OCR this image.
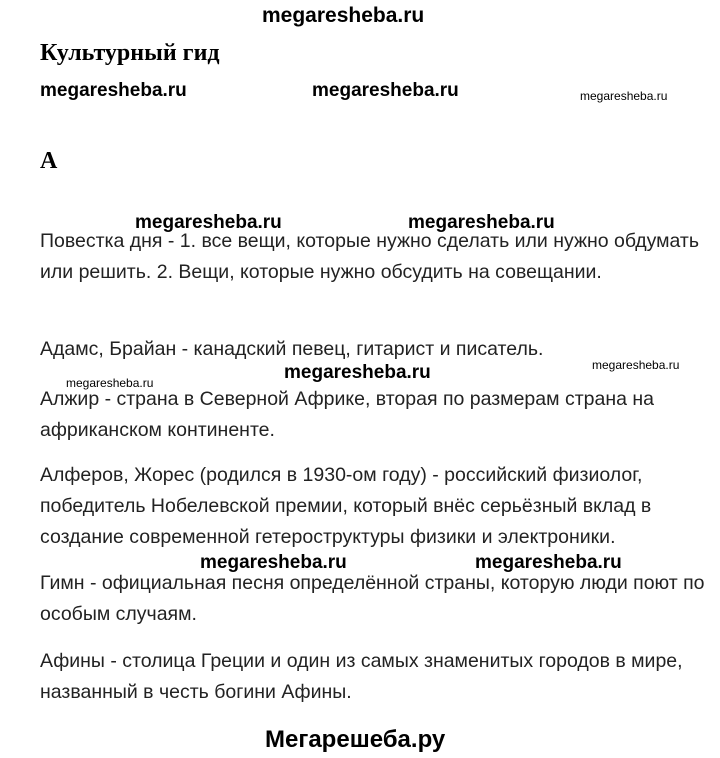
megaresheba.ru
Культурный гид
megaresheba.ru	megaresheba.ru	megaresheba.ru
A
megaresheba.ru	megaresheba.ru
Повестка дня - 1. все вещи, которые нужно сделать или нужно обдумать или решить. 2. Вещи, которые нужно обсудить на совещании.
Адамс, Брайан - канадский певец, гитарист и писатель.
megaresheba.ru	megaresheba.ru	megaresheba.ru
Алжир - страна в Северной Африке, вторая по размерам страна на африканском континенте.
Алферов, Жорес (родился в 1930-ом году) - российский физиолог, победитель Нобелевской премии, который внёс серьёзный вклад в создание современной гетероструктуры физики и электроники.
megaresheba.ru	megaresheba.ru
Гимн - официальная песня определённой страны, которую люди поют по особым случаям.
Афины - столица Греции и один из самых знаменитых городов в мире, названный в честь богини Афины.
Мегарешеба.ру
